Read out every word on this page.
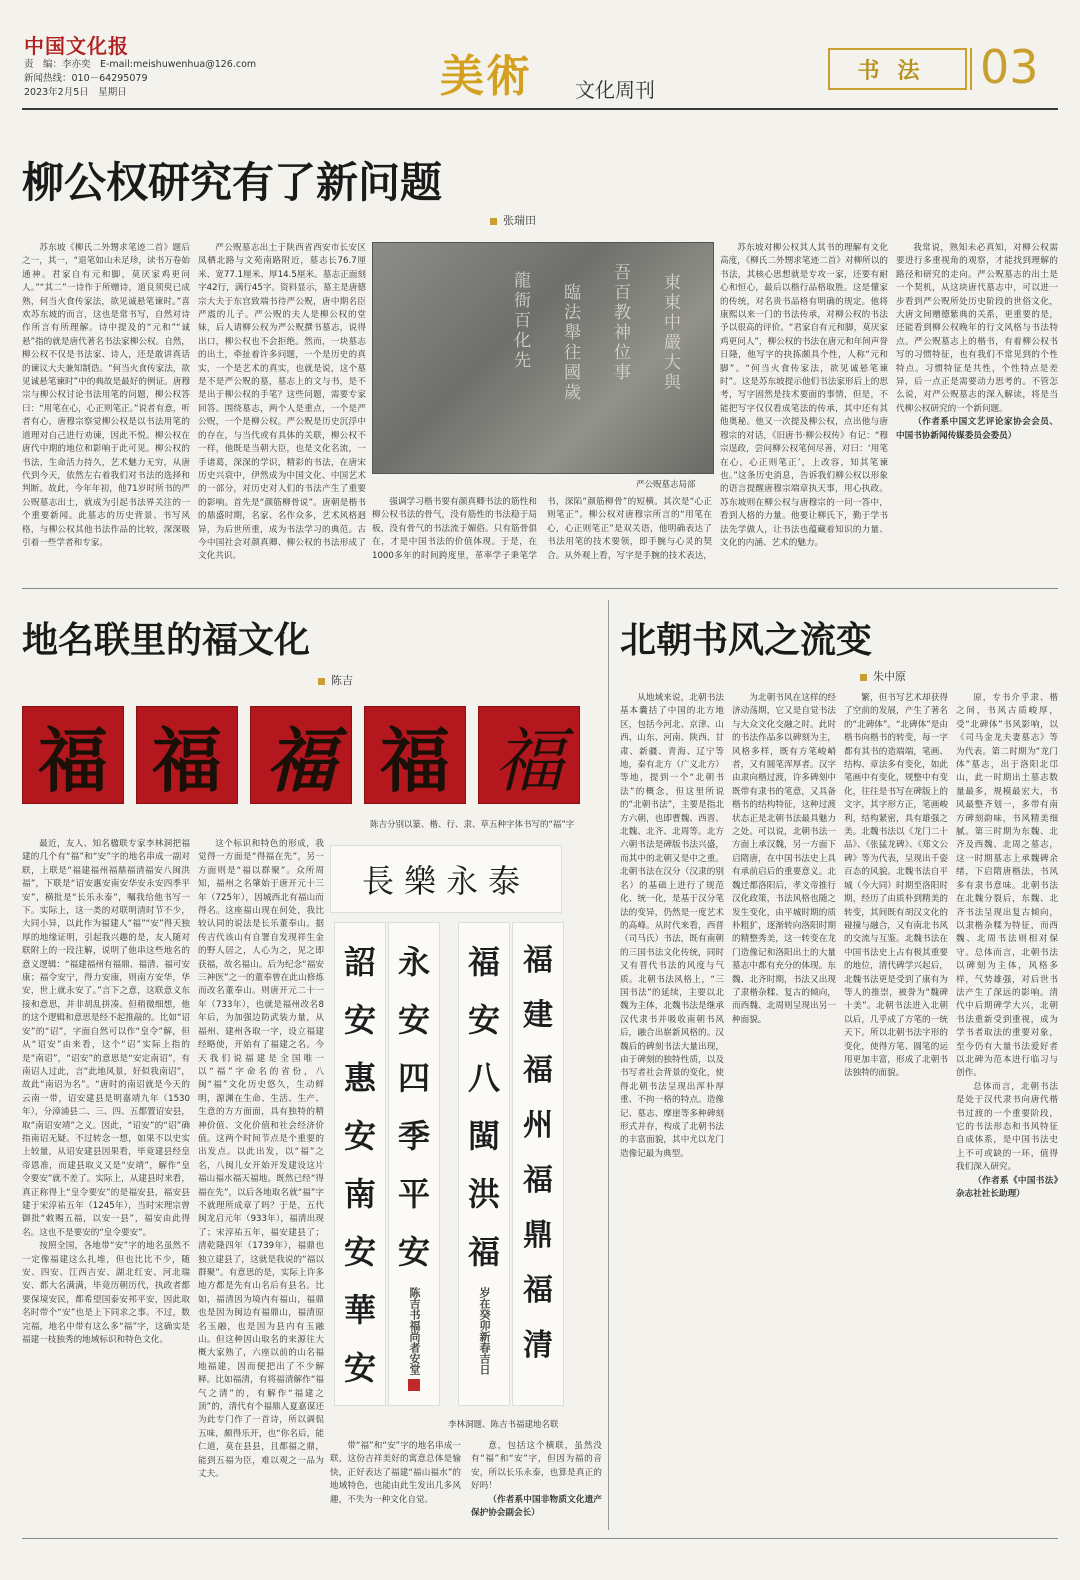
中国文化报
责　编：李亦奕　E-mail:meishuwenhua@126.com
新闻热线：010－64295079
2023年2月5日　星期日	美術 文化周刊
书法 03
柳公权研究有了新问题
张瑞田

苏东坡《柳氏二外甥求笔迹二首》题后之一，其一，“退笔如山未足珍，读书万卷始通神。君家自有元和脚，莫厌家鸡更问人。”“其二”一诗作于所赠诗，道良须臾已成熟，何当火食传家法，欲见诚悬笔谏时。”喜欢苏东坡的而言，这也是常书写，自然对诗作所言有所理解。诗中提及的“元和”“诚悬”指的就是唐代著名书法家柳公权。自然，柳公权不仅是书法家、诗人，还是敢讲真话的谏议大夫兼知制诰。“何当火食传家法，欲见诚悬笔谏时”中的典故是最好的例证。唐穆宗与柳公权讨论书法用笔的问题，柳公权答曰：“用笔在心，心正则笔正。”说者有意，听者有心，唐穆宗察觉柳公权是以书法用笔的道理对自己进行劝谏，因此不悦。柳公权在唐代中期的地位和影响于此可见。柳公权的书法，生命活力持久，艺术魅力无穷，从唐代到今天，依然左右着我们对书法的选择和判断。故此，今年年初，他71岁时所书的严公贶墓志出土，就成为引起书法界关注的一个重要新闻。此墓志的历史背景、书写风格，与柳公权其他书法作品的比较，深深吸引着一些学者和专家。

严公贶墓志出土于陕西省西安市长安区凤栖北路与文苑南路附近，墓志长76.7厘米、宽77.1厘米、厚14.5厘米。墓志正面刻字42行，满行45字。资料显示，墓主是唐德宗大夫于东宫致端书待严公贶，唐中期名臣严震的儿子。严公贶的夫人是柳公权的堂妹，后人请柳公权为严公贶撰书墓志，说得出口，柳公权也不会拒绝。然而，一块墓志的出土，牵扯着许多问题，一个是历史的真实，一个是艺术的真实，也就是说，这个墓是不是严公贶的墓，墓志上的文与书，是不是出于柳公权的手笔？这些问题，需要专家回答。围绕墓志，两个人是重点，一个是严公贶，一个是柳公权。严公贶是历史沉浮中的存在，与当代或有具体的关联，柳公权不一样，他既是当朝大臣，也是文化名流，一手诸葛，深深的学识，精彩的书法，在唐宋历史兴衰中，伊然成为中国文化、中国艺术的一部分，对历史对人们的书法产生了重要的影响。首先是“颜筋柳骨说”。唐朝是楷书的鼎盛时期，名家、名作众多，艺术风格迥异，为后世所重，成为书法学习的典范。古今中国社会对颜真卿、柳公权的书法形成了文化共识。

東東中嚴大與
吾百教神位事
臨法舉往國歲
龍衙百化先
严公贶墓志局部

强调学习楷书要有颜真卿书法的筋性和柳公权书法的骨气，没有筋性的书法稳于局板，没有骨气的书法流于媚俗。只有筋骨俱在，才是中国书法的价值体现。于是，在1000多年的时间跨度里，革率学子秉笔学书，深陷“颜筋柳骨”的短横。其次是“心正则笔正”。柳公权对唐穆宗所言的“用笔在心，心正则笔正”是双关语，他明确表达了书法用笔的技术要领，即手腕与心灵的契合。从外观上看，写字是手腕的技术表达，

苏东坡对柳公权其人其书的理解有文化高度，《柳氏二外甥求笔迹二首》对柳所以的书法，其核心思想就是专攻一家，还要有耐心和恒心，最后以楷行品格取胜。这是懂家的传统，对名贵书品格有明确的规定。他将康熙以来一门的书法传承，对柳公权的书法予以很高的评价。“君家自有元和脚，莫厌家鸡更问人”，柳公权的书法在唐元和年间声誉日隆，他写字的抉拣颇具个性，人称“元和脚”。“何当火食传家法，欲见诚悬笔谏时”。这是苏东坡提示他们书法家形后上的思考，写字固然是技术要面的事情，但是，不能把写字仅仅看成笔法的传承，其中还有其他奥秘。他又一次提及柳公权，点出他与唐穆宗的对话，《旧唐书·柳公权传》有记：“穆宗逞政，尝问柳公权笔何尽善，对曰：‘用笔在心，心正则笔正’，上改容，知其笔谏也。”这条历史消息，告诉我们柳公权以形象的语言提醒唐穆宗端章执天事，用心执政。苏东坡则在柳公权与唐穆宗的一问一答中，看到人格的力量。他要让柳氏下，勤于学书法先学做人，让书法也蕴藏着知识的力量、文化的内涵、艺术的魅力。

我常说，熟知未必真知，对柳公权需要进行多重视角的观察，才能找到理解的路径和研究的走向。严公贶墓志的出土是一个契机，从这块唐代墓志中，可以进一步看到严公贶所处历史阶段的世俗文化，大唐文间赠德紫典的关系，更重要的是，还能看到柳公权晚年的行文风格与书法特点。严公贶墓志上的楷书，有着柳公权书写的习惯特征，也有我们不常见到的个性特点。习惯特征是共性，个性特点是差异，后一点正是需要动力思考的。不管怎么说，对严公贶墓志的深入解读，将是当代柳公权研究的一个新问题。

（作者系中国文艺评论家协会会员、中国书协新闻传媒委员会委员）

地名联里的福文化
陈吉
福 福 福 福 福
陈吉分别以篆、楷、行、隶、草五种字体书写的“福”字

最近，友人、知名楹联专家李林洞把福建的几个有“福”和“安”字的地名串成一副对联，上联是“福建福州福鼎福清福安八闽洪福”，下联是“诏安惠安南安华安永安四季平安”，横批是“长乐永泰”，嘱我给他书写一下。实际上，这一类的对联明清时节不少，大同小异，以此作为福建人“福”“安”得天独厚的地缘证明，引起我兴趣的是，友人随对联附上的一段注解，说明了他串这些地名的意义逻辑：“福建福州有福鼎、福清、福可安康；福令安宁，得力安康，则南方安华，华安，世上就永安了。”言下之意，这联意义东接和意思，并非胡乱拼凑。但稍微细想，他的这个逻辑和意思是经不起推敲的。比如“诏安”的“诏”，字面自然可以作“皇令”解，但从“诏安”由来看，这个“诏”实际上指的是“南诏”，“诏安”的意思是“安定南诏”，有南诏人过此，言“此地风景，好似我南诏”，故此“南诏为名”。“唐时的南诏就是今天的云南一带，诏安建县是明嘉靖九年（1530年），分漳浦县二、三、四、五都置诏安县，取“南诏安靖”之义。因此，“诏安”的“诏”确指南诏无疑。不过转念一想，如果不以史实上较量，从诏安建县因果看，毕竟建县经皇帝恩准，而建县取义又是“安靖”，解作“皇令要安”就不差了。实际上，从建县时来看，真正称得上“皇令要安”的是福安县，福安县建于宋淳祐五年（1245年），当时宋理宗曾御批“敕赐五福，以安一县”，福安由此得名。这也不是要安的“皇令要安”。

按照全国，各地带“安”字的地名虽然不一定像福建这么扎堆，但也比比不少，随安、四安、江西吉安、湖北红安、河北瑞安、都大名满满，毕竟历朝历代，执政者都要保境安民，都希望国泰安邦平安，因此取名时带个“安”也是上下同求之事。不过，数完福，地名中带有这么多“福”字，这确实是福建一枝独秀的地域标识和特色文化。

这个标识和特色的形成，我觉得一方面是“得福在先”，另一方面则是“福以群聚”。众所周知，福州之名肇始于唐开元十三年（725年），因城西北有福山而得名。这座福山现在何处，我比较认同的说法是长乐董奉山。据传吉代该山有自署自发现祥生金的野人居之，人心为之，见之即获福，故名福山。后为纪念“福安三神医”之一的董奉曾在此山修炼而改名董奉山。则唐开元二十一年（733年），也就是福州改名8年后，为加强边防武装力量，从福州、建州各取一字，设立福建经略使，开始有了福建之名。今天我们说福建是全国唯一以“福”字命名的省份，八闽“福”文化历史悠久，生动鲜明，源渊在生命、生活、生产、生意的方方面面，具有独特的精神价值、文化价值和社会经济价值。这两个时间节点是个重要的出发点。以此出发，以“福”之名，八闽儿女开始开发建设这片福山福水福天福地。既然已经“得福在先”，以后各地取名就“福”字不就理所成章了吗？于是，五代闽龙启元年（933年），福清出现了；宋淳祐五年，福安建县了；清乾隆四年（1739年），福鼎也独立建县了，这就是我说的“福以群聚”。有意思的是，实际上许多地方都是先有山名后有县名。比如，福清因为境内有福山，福鼎也是因为闽边有福鼎山，福清原名玉融，也是因为县内有玉融山。但这种因山取名的来源往大概大家熟了，六座以前的山名福地福建，因而便把出了不少解释。比如福清，有将福清解作“福气之清”的，有解作“福建之顶”的，清代有个福鼎人夏嘉谋还为此专门作了一首诗，所以调侃五味，颇得乐开，也“你名后，能仁道，莫在县县，且都福之鼎，能到五福为臣，难以观之一品为丈夫。

長樂永泰
詔
安
惠
安
南
安
華
安
永
安
四
季
平
安
陈吉书福尚者安堂
福
安
八
閩
洪
福
岁在癸卯新春吉日
福
建
福
州
福
鼎
福
清
李林洞题、陈吉书福建地名联

带“福”和“安”字的地名串成一联，这份吉祥美好的寓意总体是愉快，正好表达了福建“福山福水”的地域特色，也能由此生发出几多风趣，不失为一种文化自觉。

意，包括这个横联，虽然没有“福”和“安”字，但因为福的音安，所以长乐永泰，也算是真正的好吗！

（作者系中国非物质文化遗产保护协会副会长）

北朝书风之流变
朱中原

从地域来说，北朝书法基本囊括了中国的北方地区，包括今河北、京津、山西、山东、河南、陕西、甘肃、新疆、青海、辽宁等地，秦有北方（广义北方）等地，提到一个“北朝书法”的概念，但这里所说的“北朝书法”，主要是指北方六朝，也即曹魏、西晋、北魏、北齐、北周等。北方六朝书法是碑版书法兴盛，而其中的北朝又是中之重。北朝书法在汉分（汉隶的别名）的基础上进行了规范化、统一化，是基于汉分笔法的变异，仍然是一度艺术的高峰。从时代来看，西晋（司马氏）书法，既有南朝的三国书法文化传统，同时又有晋代书法的风度与气质。北朝书法风格上，“三国书法”的延续，主要以北魏为主体，北魏书法是继承汉代隶书并吸收南朝书风后，融合出崭新风格的。汉魏后的碑刻书法大量出现，由于碑刻的独特性质，以及书写者社会背景的变化，使得北朝书法呈现出浑朴厚重、不拘一格的特点。造像记、墓志、摩崖等多种碑刻形式并存，构成了北朝书法的丰富面貌，其中尤以龙门造像记最为典型。

为北朝书风在这样的经济动荡期，它又是自觉书法与大众文化交融之时。此时的书法作品多以碑刻为主，风格多样，既有方笔峻峭者，又有圆笔浑厚者。汉字由隶向楷过渡，许多碑刻中既带有隶书的笔意，又具备楷书的结构特征，这种过渡状态正是北朝书法最具魅力之处。可以说，北朝书法一方面上承汉魏，另一方面下启隋唐，在中国书法史上具有承前启后的重要意义。北魏迁都洛阳后，孝文帝推行汉化政策，书法风格也随之发生变化，由平城时期的质朴粗犷，逐渐转向洛阳时期的精整秀美，这一转变在龙门造像记和洛阳出土的大量墓志中都有充分的体现。东魏、北齐时期，书法又出现了隶楷杂糅、复古的倾向，而西魏、北周则呈现出另一种面貌。

繁，但书写艺术却获得了空前的发展，产生了著名的“北碑体”。“北碑体”是由楷书向楷书的转变，每一字都有其书的造端端，笔画、结构、章法多有变化，如此笔画中有变化，规整中有变化，往往是书写在碑版上的文字，其字形方正，笔画峻利，结构紧密，具有雄强之美。北魏书法以《龙门二十品》、《张猛龙碑》、《郑文公碑》等为代表，呈现出千姿百态的风貌。北魏书法自平城（今大同）时期至洛阳时期，经历了由质朴到精美的转变，其间既有胡汉文化的碰撞与融合，又有南北书风的交流与互鉴。北魏书法在中国书法史上占有极其重要的地位，清代碑学兴起后，北魏书法更是受到了康有为等人的推崇，被誉为“魏碑十美”。北朝书法进入北朝以后，几乎成了方笔的一统天下。所以北朝书法字形的变化，使得方笔、圆笔的运用更加丰富，形成了北朝书法独特的面貌。

原，专书介乎隶、楷之间，书风古质峻厚，受“北碑体”书风影响，以《司马金龙夫妻墓志》等为代表。第二时期为“龙门体”墓志，出于洛阳北邙山，此一时期出土墓志数量最多，规模最宏大，书风最整齐划一，多带有南方碑刻韵味，书风精美细腻。第三时期为东魏、北齐及西魏、北周之墓志，这一时期墓志上承魏碑余绪，下启隋唐楷法，书风多有隶书意味。北朝书法在北魏分裂后，东魏、北齐书法呈现出复古倾向，以隶楷杂糅为特征，而西魏、北周书法则相对保守。总体而言，北朝书法以碑刻为主体，风格多样，气势雄强，对后世书法产生了深远的影响。清代中后期碑学大兴，北朝书法重新受到重视，成为学书者取法的重要对象，至今仍有大量书法爱好者以北碑为范本进行临习与创作。

总体而言，北朝书法是处于汉代隶书向唐代楷书过渡的一个重要阶段，它的书法形态和书风特征自成体系，是中国书法史上不可或缺的一环，值得我们深入研究。

（作者系《中国书法》杂志社社长助理）
